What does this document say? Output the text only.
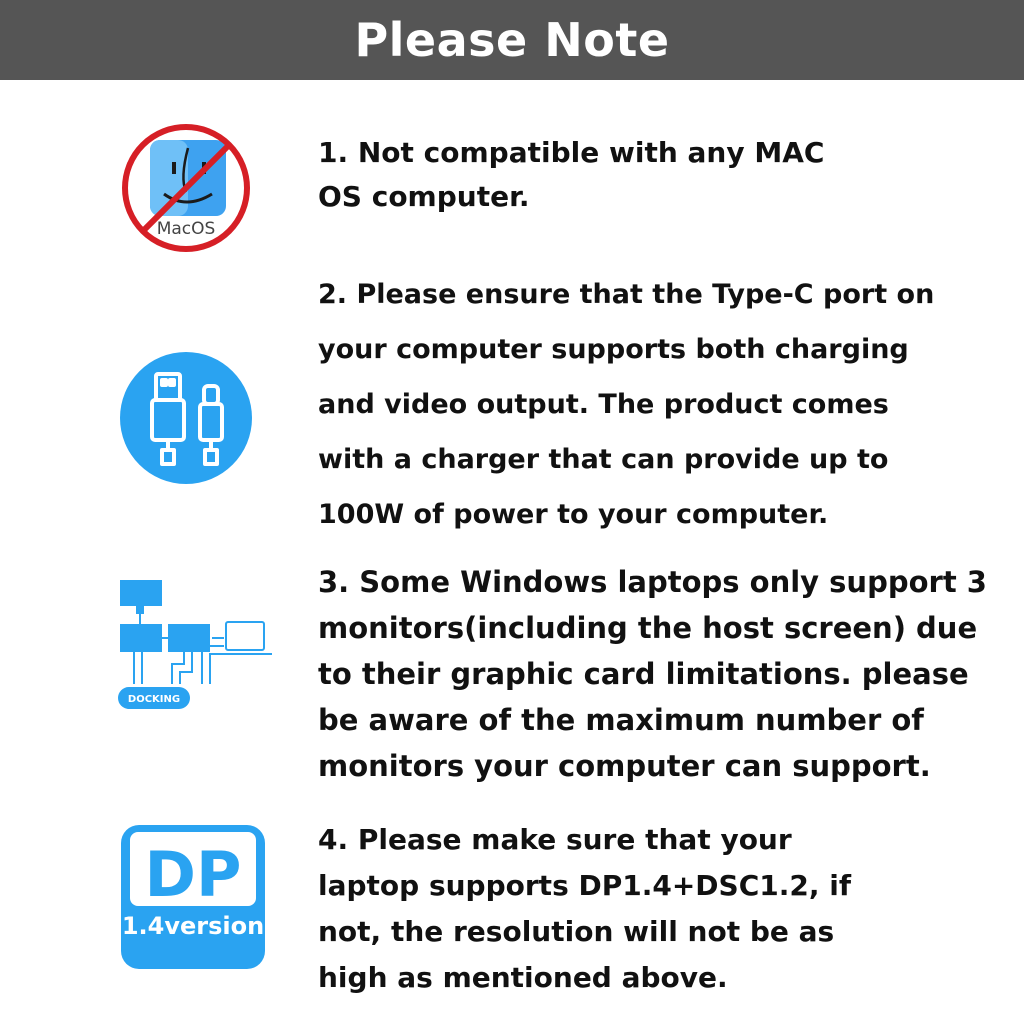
Please Note
MacOS
1. Not compatible with any MAC
OS computer.
2. Please ensure that the Type-C port on
your computer supports both charging
and video output. The product comes
with a charger that can provide up to
100W of power to your computer.
DOCKING
3. Some Windows laptops only support 3
monitors(including the host screen) due
to their graphic card limitations. please
be aware of the maximum number of
monitors your computer can support.
DP
1.4version
4. Please make sure that your
laptop supports DP1.4+DSC1.2, if
not, the resolution will not be as
high as mentioned above.
